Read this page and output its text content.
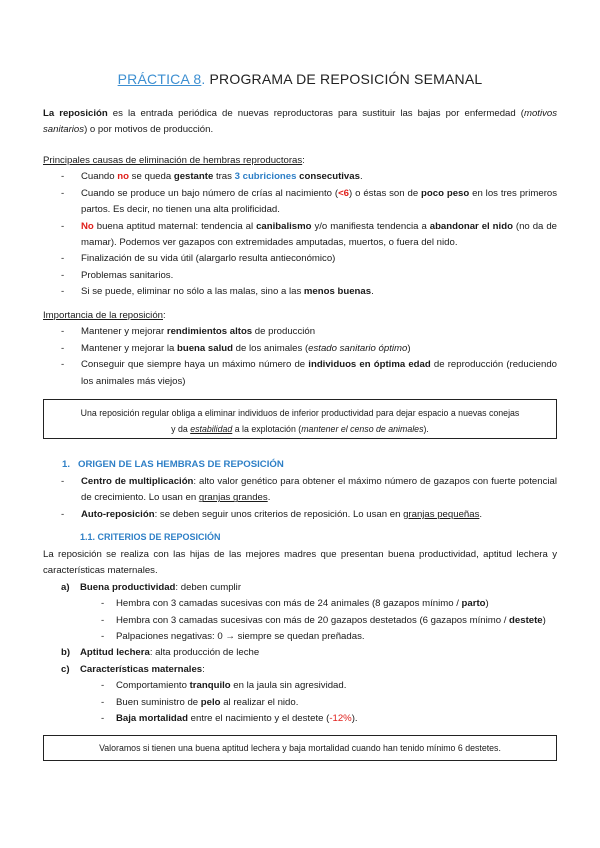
PRÁCTICA 8. PROGRAMA DE REPOSICIÓN SEMANAL
La reposición es la entrada periódica de nuevas reproductoras para sustituir las bajas por enfermedad (motivos sanitarios) o por motivos de producción.
Principales causas de eliminación de hembras reproductoras:
- Cuando no se queda gestante tras 3 cubriciones consecutivas.
- Cuando se produce un bajo número de crías al nacimiento (<6) o éstas son de poco peso en los tres primeros partos. Es decir, no tienen una alta prolificidad.
- No buena aptitud maternal: tendencia al canibalismo y/o manifiesta tendencia a abandonar el nido (no da de mamar). Podemos ver gazapos con extremidades amputadas, muertos, o fuera del nido.
- Finalización de su vida útil (alargarlo resulta antieconómico)
- Problemas sanitarios.
- Si se puede, eliminar no sólo a las malas, sino a las menos buenas.
Importancia de la reposición:
- Mantener y mejorar rendimientos altos de producción
- Mantener y mejorar la buena salud de los animales (estado sanitario óptimo)
- Conseguir que siempre haya un máximo número de individuos en óptima edad de reproducción (reduciendo los animales más viejos)
Una reposición regular obliga a eliminar individuos de inferior productividad para dejar espacio a nuevas conejas
y da estabilidad a la explotación (mantener el censo de animales).
1. ORIGEN DE LAS HEMBRAS DE REPOSICIÓN
- Centro de multiplicación: alto valor genético para obtener el máximo número de gazapos con fuerte potencial de crecimiento. Lo usan en granjas grandes.
- Auto-reposición: se deben seguir unos criterios de reposición. Lo usan en granjas pequeñas.
1.1. CRITERIOS DE REPOSICIÓN
La reposición se realiza con las hijas de las mejores madres que presentan buena productividad, aptitud lechera y características maternales.
a) Buena productividad: deben cumplir
- Hembra con 3 camadas sucesivas con más de 24 animales (8 gazapos mínimo / parto)
- Hembra con 3 camadas sucesivas con más de 20 gazapos destetados (6 gazapos mínimo / destete)
- Palpaciones negativas: 0 → siempre se quedan preñadas.
b) Aptitud lechera: alta producción de leche
c) Características maternales:
- Comportamiento tranquilo en la jaula sin agresividad.
- Buen suministro de pelo al realizar el nido.
- Baja mortalidad entre el nacimiento y el destete (-12%).
Valoramos si tienen una buena aptitud lechera y baja mortalidad cuando han tenido mínimo 6 destetes.
